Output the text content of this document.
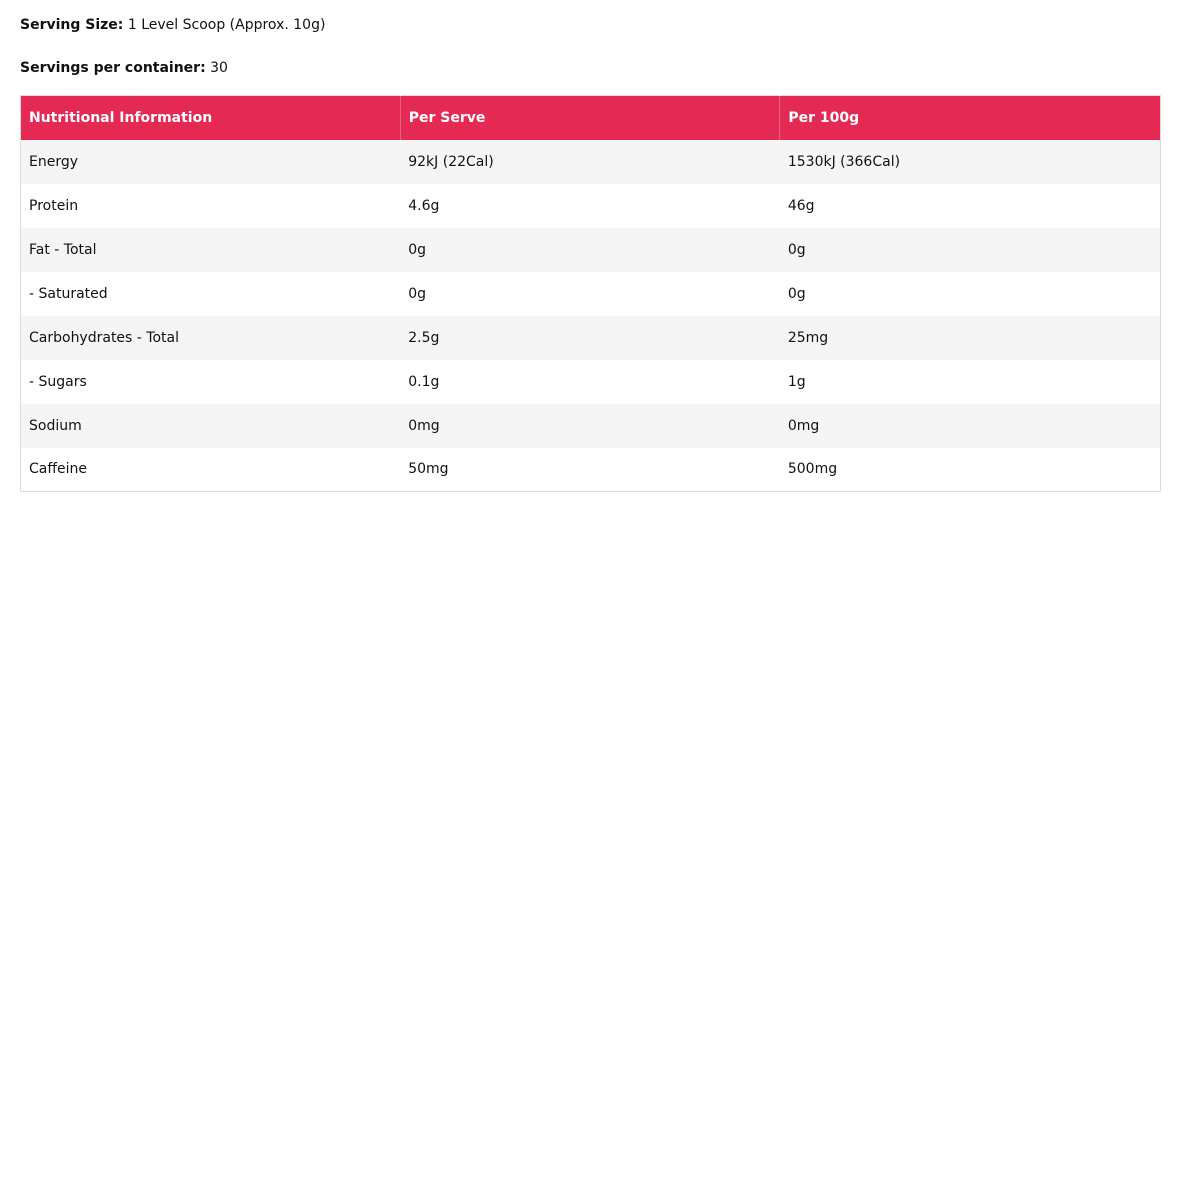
Serving Size: 1 Level Scoop (Approx. 10g)
Servings per container: 30
Nutritional Information	Per Serve	Per 100g
Energy	92kJ (22Cal)	1530kJ (366Cal)
Protein	4.6g	46g
Fat - Total	0g	0g
- Saturated	0g	0g
Carbohydrates - Total	2.5g	25mg
- Sugars	0.1g	1g
Sodium	0mg	0mg
Caffeine	50mg	500mg
